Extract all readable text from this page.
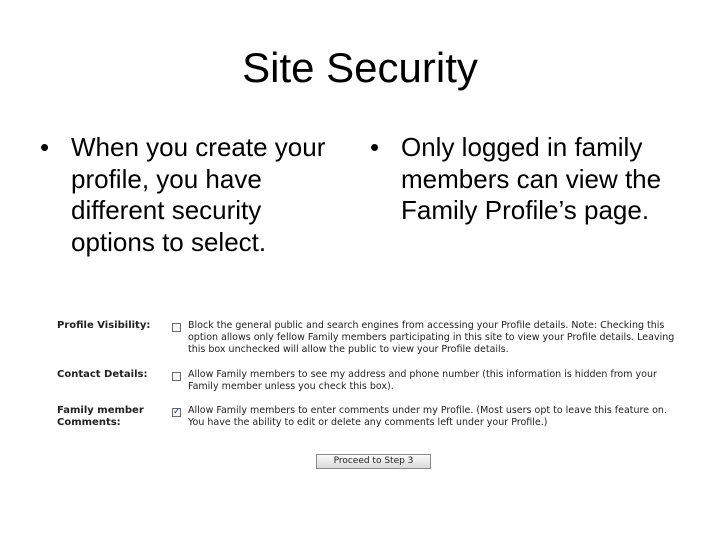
Site Security
• When you create your profile, you have different security options to select.
• Only logged in family members can view the Family Profile’s page.
Profile Visibility:	Block the general public and search engines from accessing your Profile details. Note: Checking this option allows only fellow Family members participating in this site to view your Profile details. Leaving this box unchecked will allow the public to view your Profile details.
Contact Details:	Allow Family members to see my address and phone number (this information is hidden from your Family member unless you check this box).
Family member Comments:
✓
Allow Family members to enter comments under my Profile. (Most users opt to leave this feature on. You have the ability to edit or delete any comments left under your Profile.)
Proceed to Step 3
